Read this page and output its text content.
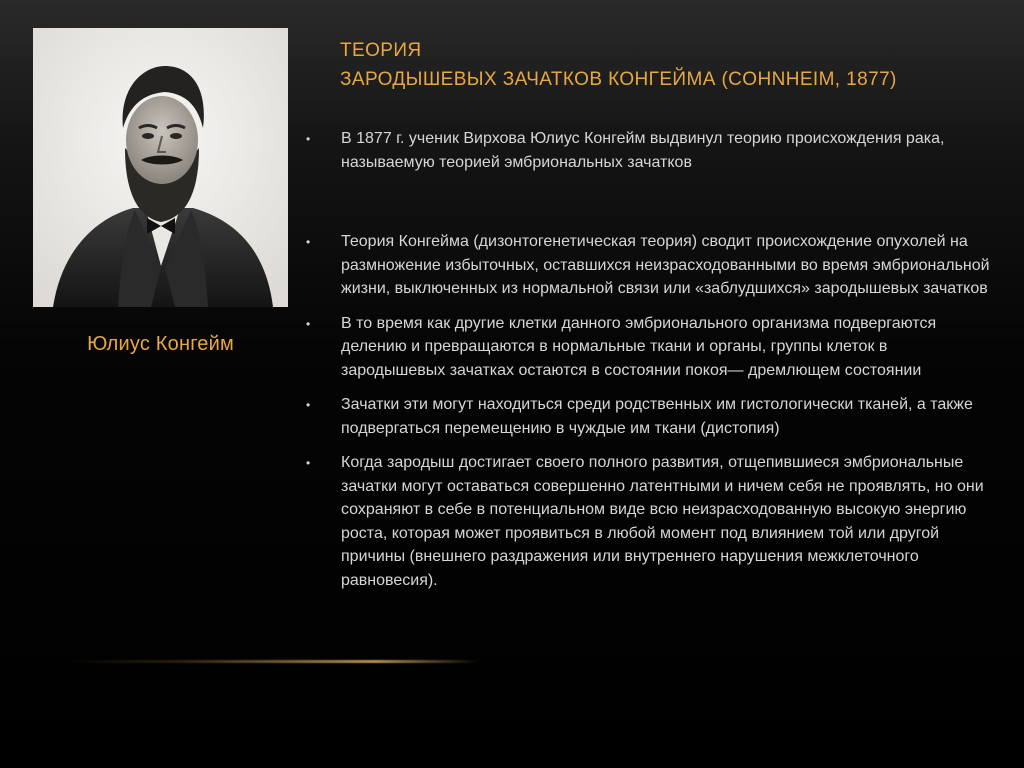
Юлиус Конгейм
ТЕОРИЯ
ЗАРОДЫШЕВЫХ ЗАЧАТКОВ КОНГЕЙМА (COHNHEIM, 1877)
• В 1877 г. ученик Вирхова Юлиус Конгейм выдвинул теорию происхождения рака, называемую теорией эмбриональных зачатков
• Теория Конгейма (дизонтогенетическая теория) сводит происхождение опухолей на размножение избыточных, оставшихся неизрасходованными во время эмбриональной жизни, выключенных из нормальной связи или «заблудшихся» зародышевых зачатков
• В то время как другие клетки данного эмбрионального организма подвергаются делению и превращаются в нормальные ткани и органы, группы клеток в зародышевых зачатках остаются в состоянии покоя— дремлющем состоянии
• Зачатки эти могут находиться среди родственных им гистологически тканей, а также подвергаться перемещению в чуждые им ткани (дистопия)
• Когда зародыш достигает своего полного развития, отщепившиеся эмбриональные зачатки могут оставаться совершенно латентными и ничем себя не проявлять, но они сохраняют в себе в потенциальном виде всю неизрасходованную высокую энергию роста, которая может проявиться в любой момент под влиянием той или другой причины (внешнего раздражения или внутреннего нарушения межклеточного равновесия).
